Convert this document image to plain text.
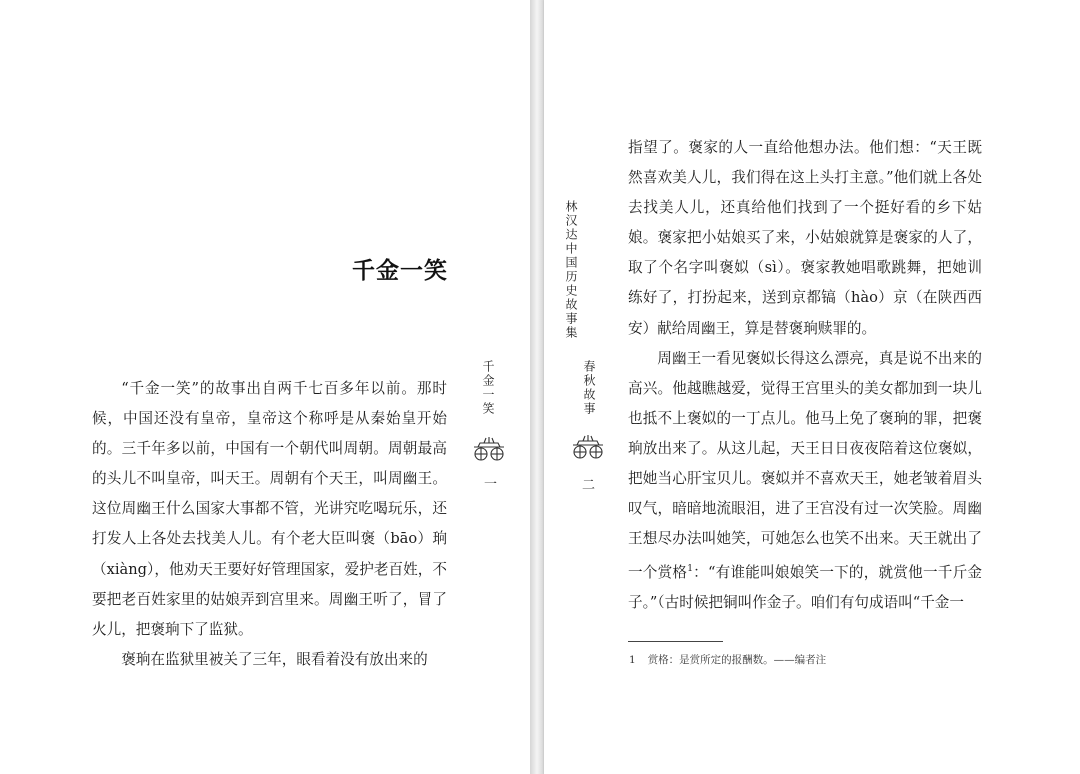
千金一笑

“千金一笑”的故事出自两千七百多年以前。那时候，中国还没有皇帝，皇帝这个称呼是从秦始皇开始的。三千年多以前，中国有一个朝代叫周朝。周朝最高的头儿不叫皇帝，叫天王。周朝有个天王，叫周幽王。这位周幽王什么国家大事都不管，光讲究吃喝玩乐，还打发人上各处去找美人儿。有个老大臣叫褒（bāo）珦（xiàng），他劝天王要好好管理国家，爱护老百姓，不要把老百姓家里的姑娘弄到宫里来。周幽王听了，冒了火儿，把褒珦下了监狱。

褒珦在监狱里被关了三年，眼看着没有放出来的

千金一笑
一
林汉达中国历史故事集
春秋故事
二

指望了。褒家的人一直给他想办法。他们想：“天王既然喜欢美人儿，我们得在这上头打主意。”他们就上各处去找美人儿，还真给他们找到了一个挺好看的乡下姑娘。褒家把小姑娘买了来，小姑娘就算是褒家的人了，取了个名字叫褒姒（sì）。褒家教她唱歌跳舞，把她训练好了，打扮起来，送到京都镐（hào）京（在陕西西安）献给周幽王，算是替褒珦赎罪的。

周幽王一看见褒姒长得这么漂亮，真是说不出来的高兴。他越瞧越爱，觉得王宫里头的美女都加到一块儿也抵不上褒姒的一丁点儿。他马上免了褒珦的罪，把褒珦放出来了。从这儿起，天王日日夜夜陪着这位褒姒，把她当心肝宝贝儿。褒姒并不喜欢天王，她老皱着眉头叹气，暗暗地流眼泪，进了王宫没有过一次笑脸。周幽王想尽办法叫她笑，可她怎么也笑不出来。天王就出了一个赏格$^1$：“有谁能叫娘娘笑一下的，就赏他一千斤金子。”（古时候把铜叫作金子。咱们有句成语叫“千金一

1 赏格：是赏所定的报酬数。——编者注
